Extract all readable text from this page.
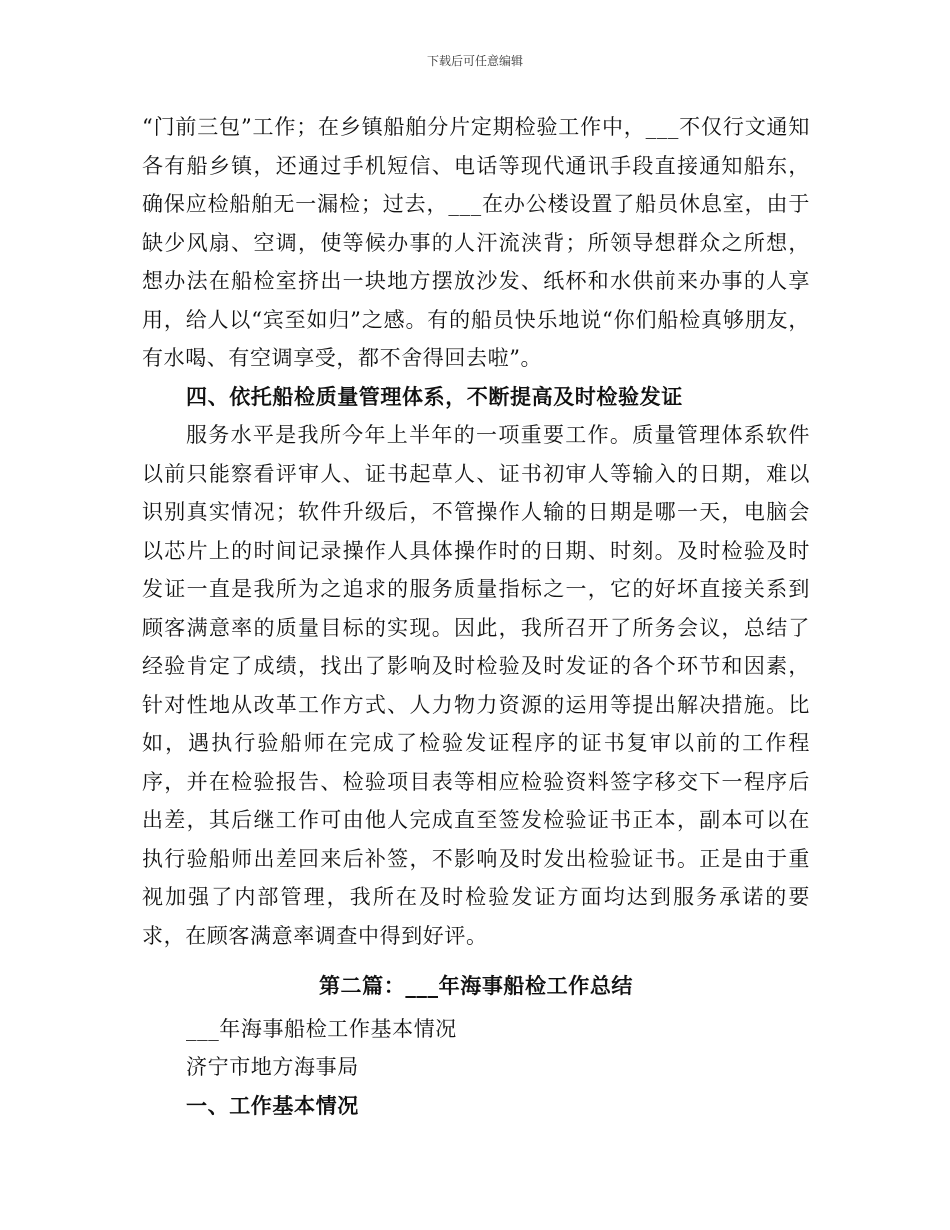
下载后可任意编辑

“门前三包”工作；在乡镇船舶分片定期检验工作中，___不仅行文通知各有船乡镇，还通过手机短信、电话等现代通讯手段直接通知船东，确保应检船舶无一漏检；过去，___在办公楼设置了船员休息室，由于缺少风扇、空调，使等候办事的人汗流浃背；所领导想群众之所想，想办法在船检室挤出一块地方摆放沙发、纸杯和水供前来办事的人享用，给人以“宾至如归”之感。有的船员快乐地说“你们船检真够朋友，有水喝、有空调享受，都不舍得回去啦”。

四、依托船检质量管理体系，不断提高及时检验发证

服务水平是我所今年上半年的一项重要工作。质量管理体系软件以前只能察看评审人、证书起草人、证书初审人等输入的日期，难以识别真实情况；软件升级后，不管操作人输的日期是哪一天，电脑会以芯片上的时间记录操作人具体操作时的日期、时刻。及时检验及时发证一直是我所为之追求的服务质量指标之一，它的好坏直接关系到顾客满意率的质量目标的实现。因此，我所召开了所务会议，总结了经验肯定了成绩，找出了影响及时检验及时发证的各个环节和因素，针对性地从改革工作方式、人力物力资源的运用等提出解决措施。比如，遇执行验船师在完成了检验发证程序的证书复审以前的工作程序，并在检验报告、检验项目表等相应检验资料签字移交下一程序后出差，其后继工作可由他人完成直至签发检验证书正本，副本可以在执行验船师出差回来后补签，不影响及时发出检验证书。正是由于重视加强了内部管理，我所在及时检验发证方面均达到服务承诺的要求，在顾客满意率调查中得到好评。

第二篇：___年海事船检工作总结

___年海事船检工作基本情况

济宁市地方海事局

一、工作基本情况
